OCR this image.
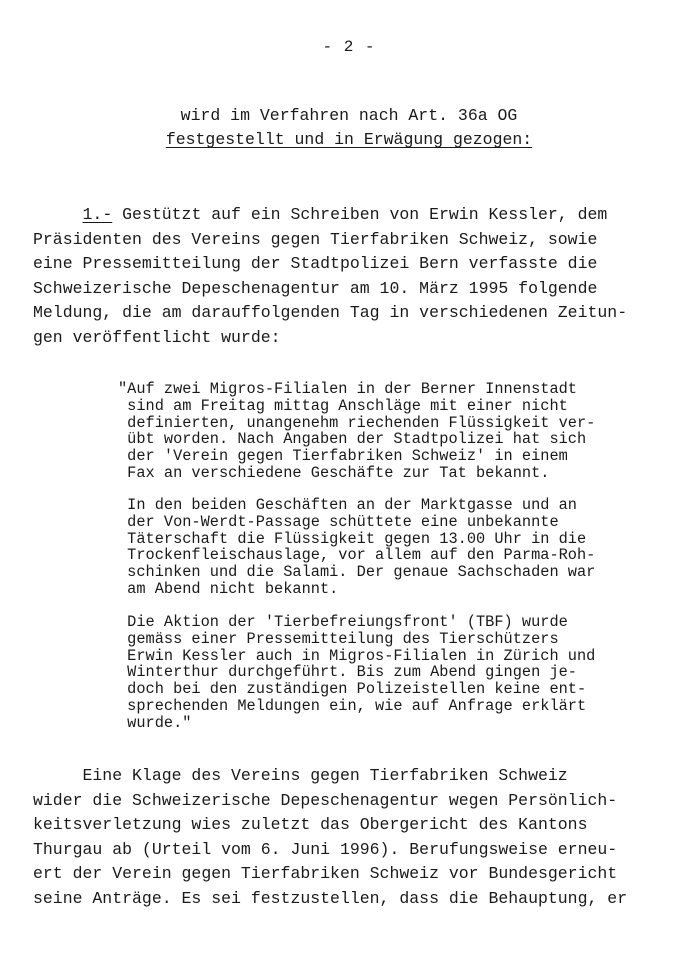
- 2 -
wird im Verfahren nach Art. 36a OG
festgestellt und in Erwägung gezogen:
1.- Gestützt auf ein Schreiben von Erwin Kessler, dem
Präsidenten des Vereins gegen Tierfabriken Schweiz, sowie
eine Pressemitteilung der Stadtpolizei Bern verfasste die
Schweizerische Depeschenagentur am 10. März 1995 folgende
Meldung, die am darauffolgenden Tag in verschiedenen Zeitun-
gen veröffentlicht wurde:
"Auf zwei Migros-Filialen in der Berner Innenstadt
sind am Freitag mittag Anschläge mit einer nicht
definierten, unangenehm riechenden Flüssigkeit ver-
übt worden. Nach Angaben der Stadtpolizei hat sich
der 'Verein gegen Tierfabriken Schweiz' in einem
Fax an verschiedene Geschäfte zur Tat bekannt.
In den beiden Geschäften an der Marktgasse und an
der Von-Werdt-Passage schüttete eine unbekannte
Täterschaft die Flüssigkeit gegen 13.00 Uhr in die
Trockenfleischauslage, vor allem auf den Parma-Roh-
schinken und die Salami. Der genaue Sachschaden war
am Abend nicht bekannt.
Die Aktion der 'Tierbefreiungsfront' (TBF) wurde
gemäss einer Pressemitteilung des Tierschützers
Erwin Kessler auch in Migros-Filialen in Zürich und
Winterthur durchgeführt. Bis zum Abend gingen je-
doch bei den zuständigen Polizeistellen keine ent-
sprechenden Meldungen ein, wie auf Anfrage erklärt
wurde."
Eine Klage des Vereins gegen Tierfabriken Schweiz
wider die Schweizerische Depeschenagentur wegen Persönlich-
keitsverletzung wies zuletzt das Obergericht des Kantons
Thurgau ab (Urteil vom 6. Juni 1996). Berufungsweise erneu-
ert der Verein gegen Tierfabriken Schweiz vor Bundesgericht
seine Anträge. Es sei festzustellen, dass die Behauptung, er
